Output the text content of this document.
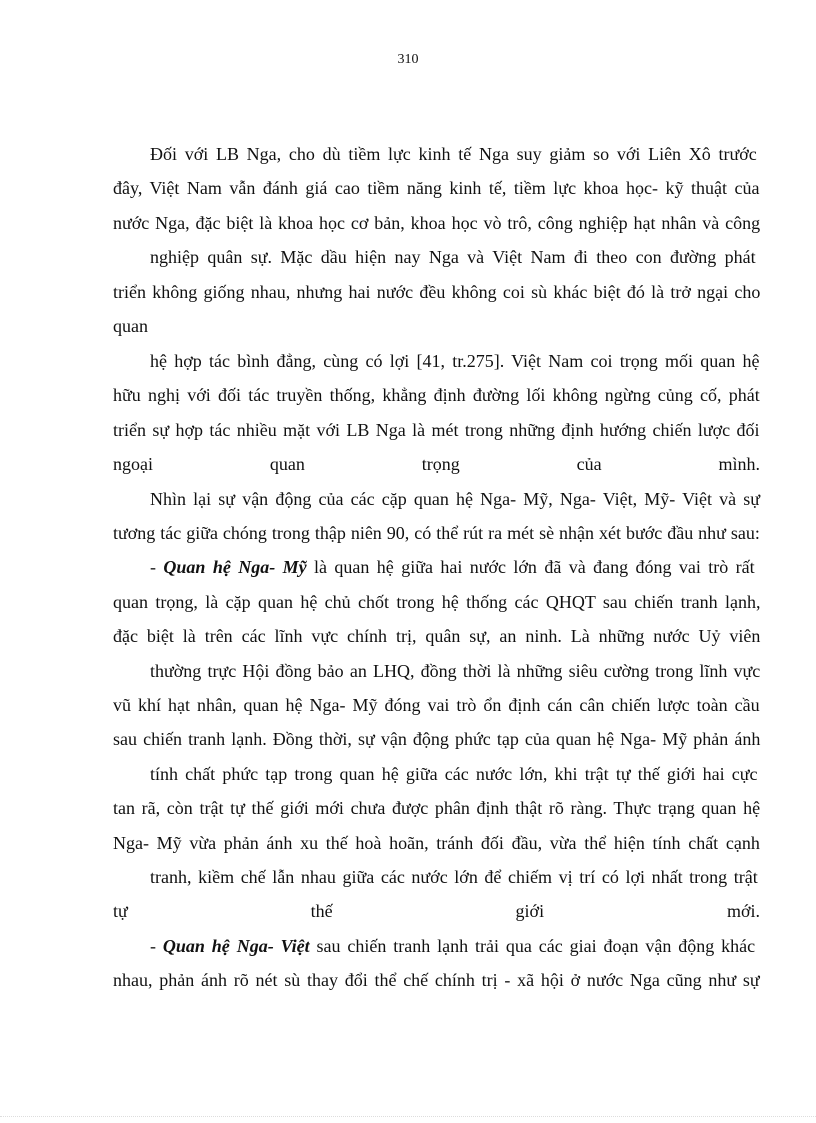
310
Đối với LB Nga, cho dù tiềm lực kinh tế Nga suy giảm so với Liên Xô trước
đây, Việt Nam vẫn đánh giá cao tiềm năng kinh tế, tiềm lực khoa học- kỹ thuật của
nước Nga, đặc biệt là khoa học cơ bản, khoa học vò trô, công nghiệp hạt nhân và công
nghiệp quân sự. Mặc dầu hiện nay Nga và Việt Nam đi theo con đường phát
triển không giống nhau, nhưng hai nước đều không coi sù khác biệt đó là trở ngại cho
quan
hệ hợp tác bình đẳng, cùng có lợi [41, tr.275]. Việt Nam coi trọng mối quan hệ
hữu nghị với đối tác truyền thống, khẳng định đường lối không ngừng củng cố, phát
triển sự hợp tác nhiều mặt với LB Nga là mét trong những định hướng chiến lược đối
ngoại	quan	trọng	của	mình.
Nhìn lại sự vận động của các cặp quan hệ Nga- Mỹ, Nga- Việt, Mỹ- Việt và sự
tương tác giữa chóng trong thập niên 90, có thể rút ra mét sè nhận xét bước đầu như sau:
- Quan hệ Nga- Mỹ là quan hệ giữa hai nước lớn đã và đang đóng vai trò rất
quan trọng, là cặp quan hệ chủ chốt trong hệ thống các QHQT sau chiến tranh lạnh,
đặc biệt là trên các lĩnh vực chính trị, quân sự, an ninh. Là những nước Uỷ viên
thường trực Hội đồng bảo an LHQ, đồng thời là những siêu cường trong lĩnh vực
vũ khí hạt nhân, quan hệ Nga- Mỹ đóng vai trò ổn định cán cân chiến lược toàn cầu
sau chiến tranh lạnh. Đồng thời, sự vận động phức tạp của quan hệ Nga- Mỹ phản ánh
tính chất phức tạp trong quan hệ giữa các nước lớn, khi trật tự thế giới hai cực
tan rã, còn trật tự thế giới mới chưa được phân định thật rõ ràng. Thực trạng quan hệ
Nga- Mỹ vừa phản ánh xu thế hoà hoãn, tránh đối đầu, vừa thể hiện tính chất cạnh
tranh, kiềm chế lẫn nhau giữa các nước lớn để chiếm vị trí có lợi nhất trong trật
tự	thế	giới	mới.
- Quan hệ Nga- Việt sau chiến tranh lạnh trải qua các giai đoạn vận động khác
nhau, phản ánh rõ nét sù thay đổi thể chế chính trị - xã hội ở nước Nga cũng như sự
